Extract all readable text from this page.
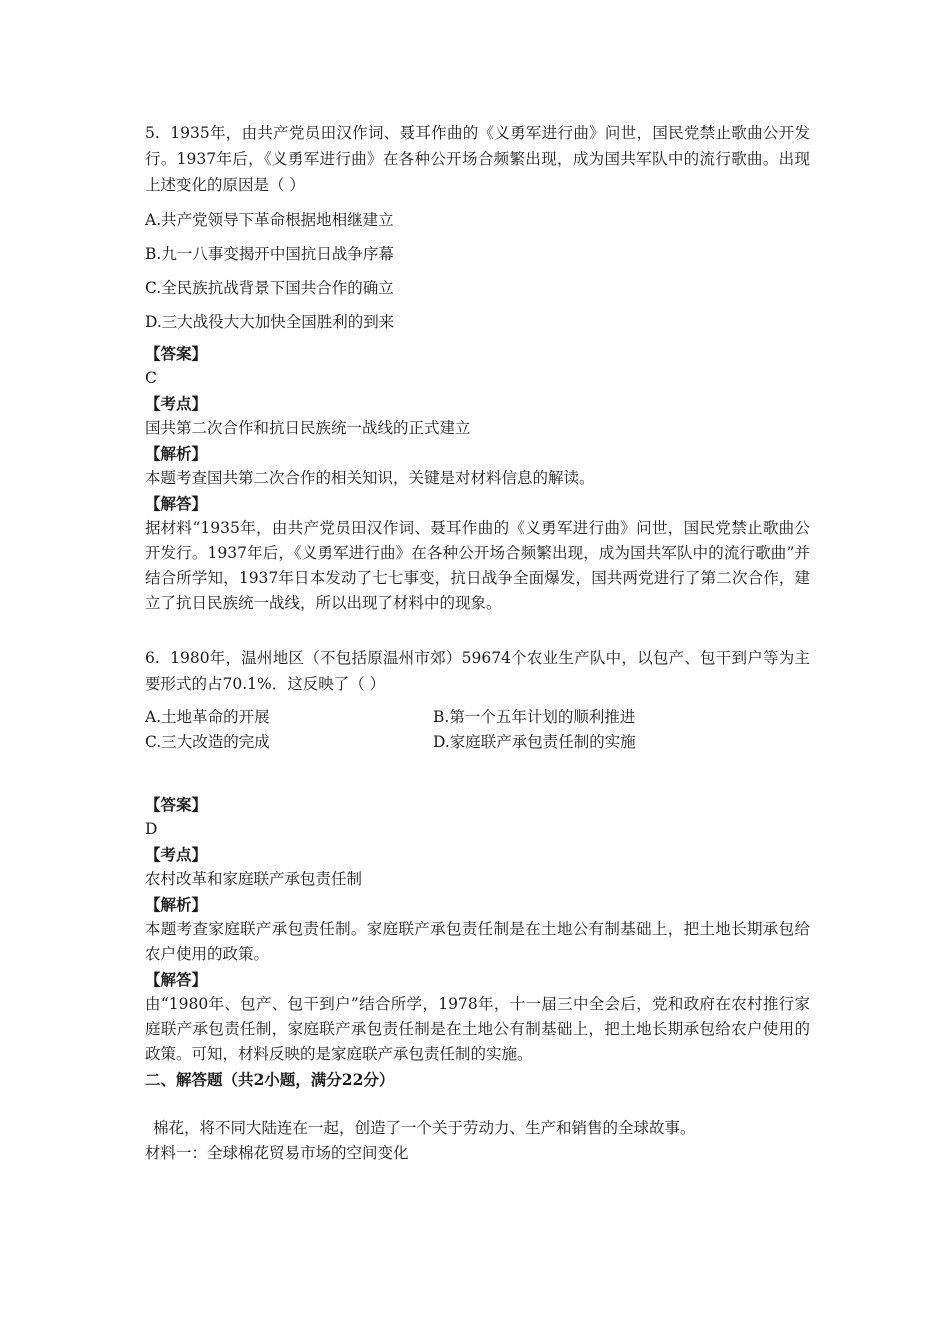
5.  1935年，由共产党员田汉作词、聂耳作曲的《义勇军进行曲》问世，国民党禁止歌曲公开发行。1937年后，《义勇军进行曲》在各种公开场合频繁出现，成为国共军队中的流行歌曲。出现上述变化的原因是（ ）

A.共产党领导下革命根据地相继建立

B.九一八事变揭开中国抗日战争序幕

C.全民族抗战背景下国共合作的确立

D.三大战役大大加快全国胜利的到来

【答案】

C

【考点】

国共第二次合作和抗日民族统一战线的正式建立

【解析】

本题考查国共第二次合作的相关知识，关键是对材料信息的解读。

【解答】

据材料“1935年，由共产党员田汉作词、聂耳作曲的《义勇军进行曲》问世，国民党禁止歌曲公开发行。1937年后，《义勇军进行曲》在各种公开场合频繁出现，成为国共军队中的流行歌曲”并结合所学知，1937年日本发动了七七事变，抗日战争全面爆发，国共两党进行了第二次合作，建立了抗日民族统一战线，所以出现了材料中的现象。

6.  1980年，温州地区（不包括原温州市郊）59674个农业生产队中，以包产、包干到户等为主要形式的占70.1%．这反映了（ ）

A.土地革命的开展	B.第一个五年计划的顺利推进
C.三大改造的完成	D.家庭联产承包责任制的实施

【答案】

D

【考点】

农村改革和家庭联产承包责任制

【解析】

本题考查家庭联产承包责任制。家庭联产承包责任制是在土地公有制基础上，把土地长期承包给农户使用的政策。

【解答】

由“1980年、包产、包干到户”结合所学，1978年，十一届三中全会后，党和政府在农村推行家庭联产承包责任制，家庭联产承包责任制是在土地公有制基础上，把土地长期承包给农户使用的政策。可知，材料反映的是家庭联产承包责任制的实施。

二、解答题（共2小题，满分22分）

棉花，将不同大陆连在一起，创造了一个关于劳动力、生产和销售的全球故事。

材料一：全球棉花贸易市场的空间变化
